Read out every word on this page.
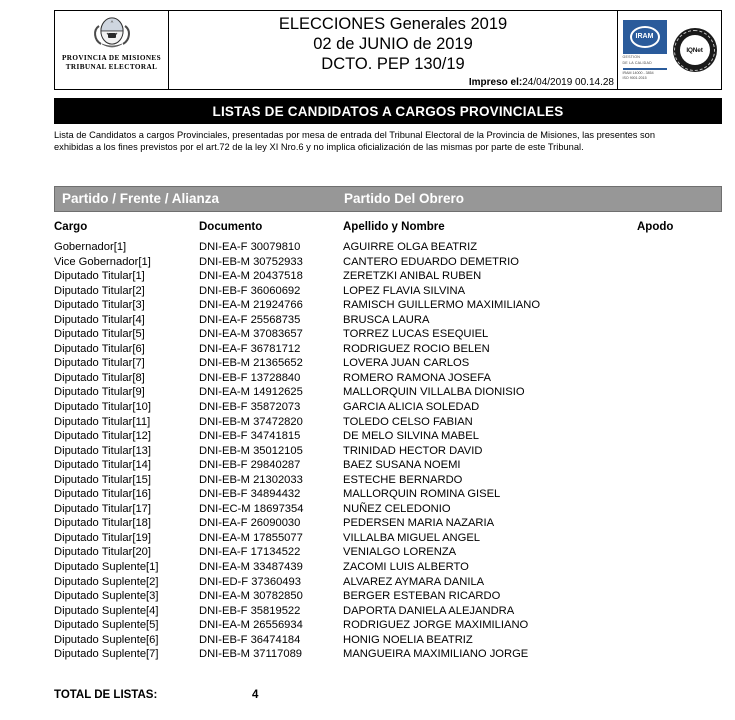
PROVINCIA DE MISIONES
TRIBUNAL ELECTORAL
ELECCIONES Generales 2019
02 de JUNIO de 2019
DCTO. PEP 130/19
Impreso el:24/04/2019 00.14.28
IRAM
GESTION
DE LA CALIDAD
IRAM 14000 - 3854
ISO 9001:2015
IQNet
LISTAS DE CANDIDATOS A CARGOS PROVINCIALES
Lista de Candidatos a cargos Provinciales, presentadas por mesa de entrada del Tribunal Electoral de la Provincia de Misiones, las presentes son
exhibidas a los fines previstos por el art.72 de la ley XI Nro.6 y no implica oficialización de las mismas por parte de este Tribunal.
Partido / Frente / Alianza	Partido Del Obrero
Cargo	Documento	Apellido y Nombre	Apodo
Gobernador[1]	DNI-EA-F 30079810	AGUIRRE OLGA BEATRIZ
Vice Gobernador[1]	DNI-EB-M 30752933	CANTERO EDUARDO DEMETRIO
Diputado Titular[1]	DNI-EA-M 20437518	ZERETZKI ANIBAL RUBEN
Diputado Titular[2]	DNI-EB-F 36060692	LOPEZ FLAVIA SILVINA
Diputado Titular[3]	DNI-EA-M 21924766	RAMISCH GUILLERMO MAXIMILIANO
Diputado Titular[4]	DNI-EA-F 25568735	BRUSCA LAURA
Diputado Titular[5]	DNI-EA-M 37083657	TORREZ LUCAS ESEQUIEL
Diputado Titular[6]	DNI-EA-F 36781712	RODRIGUEZ ROCIO BELEN
Diputado Titular[7]	DNI-EB-M 21365652	LOVERA JUAN CARLOS
Diputado Titular[8]	DNI-EB-F 13728840	ROMERO RAMONA JOSEFA
Diputado Titular[9]	DNI-EA-M 14912625	MALLORQUIN VILLALBA DIONISIO
Diputado Titular[10]	DNI-EB-F 35872073	GARCIA ALICIA SOLEDAD
Diputado Titular[11]	DNI-EB-M 37472820	TOLEDO CELSO FABIAN
Diputado Titular[12]	DNI-EB-F 34741815	DE MELO SILVINA MABEL
Diputado Titular[13]	DNI-EB-M 35012105	TRINIDAD HECTOR DAVID
Diputado Titular[14]	DNI-EB-F 29840287	BAEZ SUSANA NOEMI
Diputado Titular[15]	DNI-EB-M 21302033	ESTECHE BERNARDO
Diputado Titular[16]	DNI-EB-F 34894432	MALLORQUIN ROMINA GISEL
Diputado Titular[17]	DNI-EC-M 18697354	NUÑEZ CELEDONIO
Diputado Titular[18]	DNI-EA-F 26090030	PEDERSEN MARIA NAZARIA
Diputado Titular[19]	DNI-EA-M 17855077	VILLALBA MIGUEL ANGEL
Diputado Titular[20]	DNI-EA-F 17134522	VENIALGO LORENZA
Diputado Suplente[1]	DNI-EA-M 33487439	ZACOMI LUIS ALBERTO
Diputado Suplente[2]	DNI-ED-F 37360493	ALVAREZ AYMARA DANILA
Diputado Suplente[3]	DNI-EA-M 30782850	BERGER ESTEBAN RICARDO
Diputado Suplente[4]	DNI-EB-F 35819522	DAPORTA DANIELA ALEJANDRA
Diputado Suplente[5]	DNI-EA-M 26556934	RODRIGUEZ JORGE MAXIMILIANO
Diputado Suplente[6]	DNI-EB-F 36474184	HONIG NOELIA BEATRIZ
Diputado Suplente[7]	DNI-EB-M 37117089	MANGUEIRA MAXIMILIANO JORGE
TOTAL DE LISTAS:	4
